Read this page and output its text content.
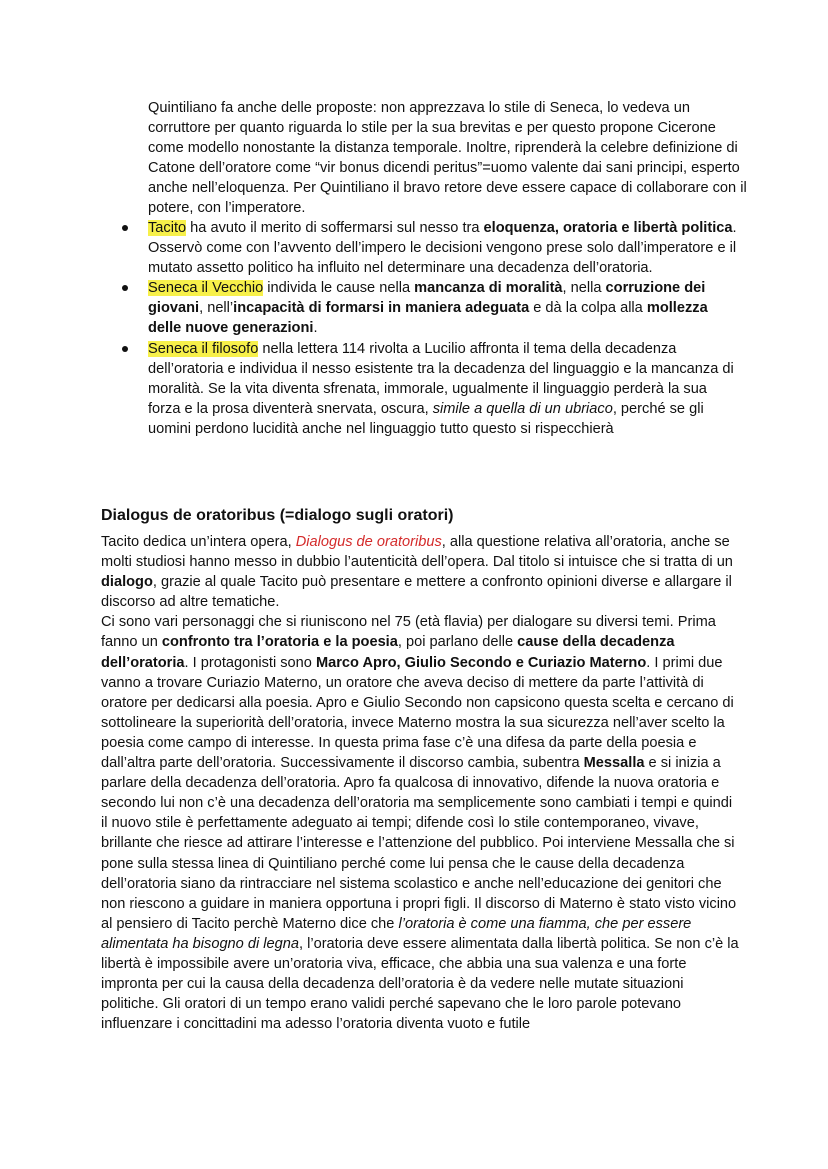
Quintiliano fa anche delle proposte: non apprezzava lo stile di Seneca, lo vedeva un corruttore per quanto riguarda lo stile per la sua brevitas e per questo propone Cicerone come modello nonostante la distanza temporale. Inoltre, riprenderà la celebre definizione di Catone dell’oratore come “vir bonus dicendi peritus”=uomo valente dai sani principi, esperto anche nell’eloquenza. Per Quintiliano il bravo retore deve essere capace di collaborare con il potere, con l’imperatore.

Tacito ha avuto il merito di soffermarsi sul nesso tra eloquenza, oratoria e libertà politica. Osservò come con l’avvento dell’impero le decisioni vengono prese solo dall’imperatore e il mutato assetto politico ha influito nel determinare una decadenza dell’oratoria.
Seneca il Vecchio individa le cause nella mancanza di moralità, nella corruzione dei giovani, nell’incapacità di formarsi in maniera adeguata e dà la colpa alla mollezza delle nuove generazioni.
Seneca il filosofo nella lettera 114 rivolta a Lucilio affronta il tema della decadenza dell’oratoria e individua il nesso esistente tra la decadenza del linguaggio e la mancanza di moralità. Se la vita diventa sfrenata, immorale, ugualmente il linguaggio perderà la sua forza e la prosa diventerà snervata, oscura, simile a quella di un ubriaco, perché se gli uomini perdono lucidità anche nel linguaggio tutto questo si rispecchierà
Dialogus de oratoribus (=dialogo sugli oratori)

Tacito dedica un’intera opera, Dialogus de oratoribus, alla questione relativa all’oratoria, anche se molti studiosi hanno messo in dubbio l’autenticità dell’opera. Dal titolo si intuisce che si tratta di un dialogo, grazie al quale Tacito può presentare e mettere a confronto opinioni diverse e allargare il discorso ad altre tematiche.

Ci sono vari personaggi che si riuniscono nel 75 (età flavia) per dialogare su diversi temi. Prima fanno un confronto tra l’oratoria e la poesia, poi parlano delle cause della decadenza dell’oratoria. I protagonisti sono Marco Apro, Giulio Secondo e Curiazio Materno. I primi due vanno a trovare Curiazio Materno, un oratore che aveva deciso di mettere da parte l’attività di oratore per dedicarsi alla poesia. Apro e Giulio Secondo non capsicono questa scelta e cercano di sottolineare la superiorità dell’oratoria, invece Materno mostra la sua sicurezza nell’aver scelto la poesia come campo di interesse. In questa prima fase c’è una difesa da parte della poesia e dall’altra parte dell’oratoria. Successivamente il discorso cambia, subentra Messalla e si inizia a parlare della decadenza dell’oratoria. Apro fa qualcosa di innovativo, difende la nuova oratoria e secondo lui non c’è una decadenza dell’oratoria ma semplicemente sono cambiati i tempi e quindi il nuovo stile è perfettamente adeguato ai tempi; difende così lo stile contemporaneo, vivave, brillante che riesce ad attirare l’interesse e l’attenzione del pubblico. Poi interviene Messalla che si pone sulla stessa linea di Quintiliano perché come lui pensa che le cause della decadenza dell’oratoria siano da rintracciare nel sistema scolastico e anche nell’educazione dei genitori che non riescono a guidare in maniera opportuna i propri figli. Il discorso di Materno è stato visto vicino al pensiero di Tacito perchè Materno dice che l’oratoria è come una fiamma, che per essere alimentata ha bisogno di legna, l’oratoria deve essere alimentata dalla libertà politica. Se non c’è la libertà è impossibile avere un’oratoria viva, efficace, che abbia una sua valenza e una forte impronta per cui la causa della decadenza dell’oratoria è da vedere nelle mutate situazioni politiche. Gli oratori di un tempo erano validi perché sapevano che le loro parole potevano influenzare i concittadini ma adesso l’oratoria diventa vuoto e futile
